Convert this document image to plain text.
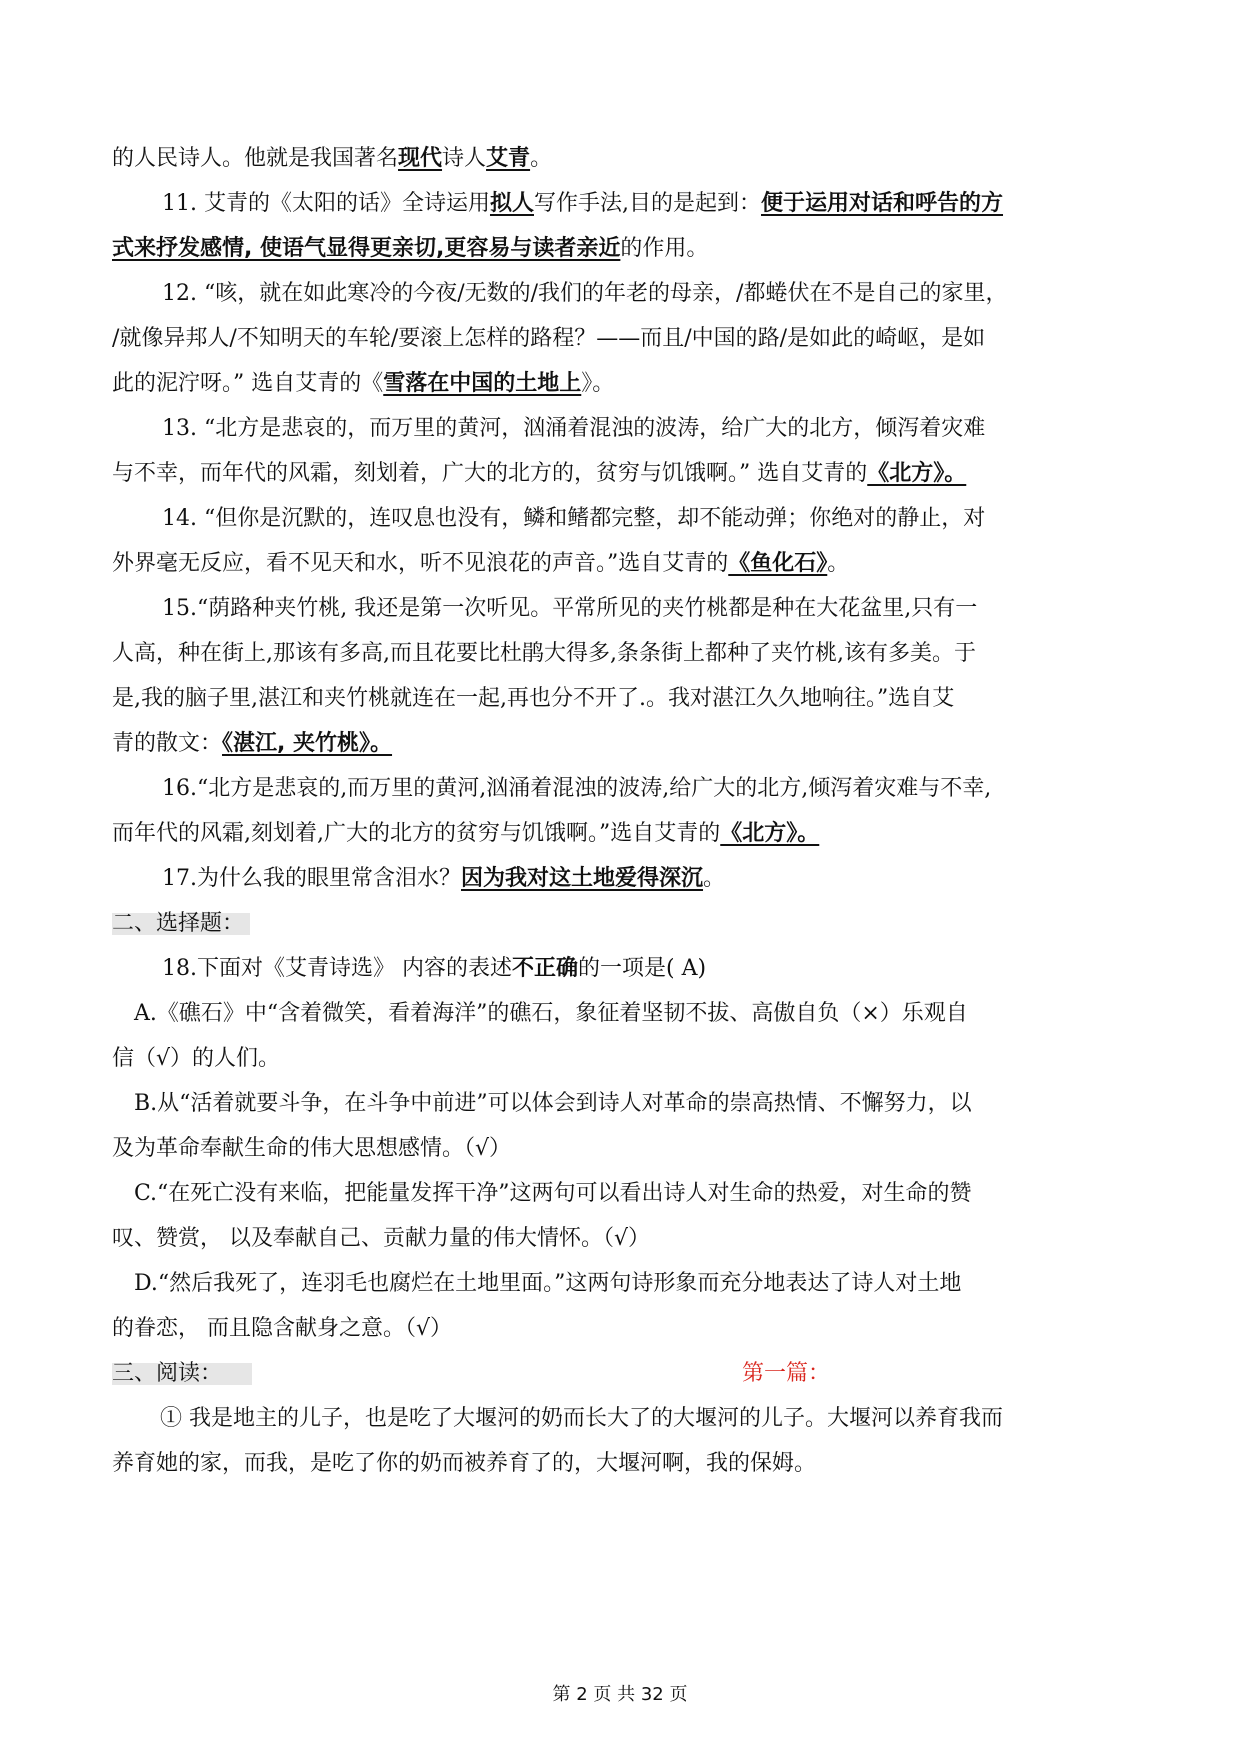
的人民诗人。他就是我国著名现代诗人艾青。
11. 艾青的《太阳的话》全诗运用拟人写作手法,目的是起到：便于运用对话和呼告的方
式来抒发感情, 使语气显得更亲切,更容易与读者亲近的作用。
12. “咳，就在如此寒冷的今夜/无数的/我们的年老的母亲，/都蜷伏在不是自己的家里，
/就像异邦人/不知明天的车轮/要滚上怎样的路程？——而且/中国的路/是如此的崎岖，是如
此的泥泞呀。” 选自艾青的《雪落在中国的土地上》。
13. “北方是悲哀的，而万里的黄河，汹涌着混浊的波涛，给广大的北方，倾泻着灾难
与不幸，而年代的风霜，刻划着，广大的北方的，贫穷与饥饿啊。” 选自艾青的《北方》。
14. “但你是沉默的，连叹息也没有，鳞和鳍都完整，却不能动弹；你绝对的静止，对
外界毫无反应，看不见天和水，听不见浪花的声音。”选自艾青的《鱼化石》。
15.“荫路种夹竹桃, 我还是第一次听见。平常所见的夹竹桃都是种在大花盆里,只有一
人高，种在街上,那该有多高,而且花要比杜鹃大得多,条条街上都种了夹竹桃,该有多美。于
是,我的脑子里,湛江和夹竹桃就连在一起,再也分不开了.。我对湛江久久地响往。”选自艾
青的散文：《湛江, 夹竹桃》。
16.“北方是悲哀的,而万里的黄河,汹涌着混浊的波涛,给广大的北方,倾泻着灾难与不幸,
而年代的风霜,刻划着,广大的北方的贫穷与饥饿啊。”选自艾青的《北方》。
17.为什么我的眼里常含泪水？因为我对这土地爱得深沉。
二、选择题：
18.下面对《艾青诗选》 内容的表述不正确的一项是( A)
A.《礁石》中“含着微笑，看着海洋”的礁石，象征着坚韧不拔、高傲自负（×）乐观自
信（√）的人们。
B.从“活着就要斗争，在斗争中前进”可以体会到诗人对革命的崇高热情、不懈努力，以
及为革命奉献生命的伟大思想感情。（√）
C.“在死亡没有来临，把能量发挥干净”这两句可以看出诗人对生命的热爱，对生命的赞
叹、赞赏， 以及奉献自己、贡献力量的伟大情怀。（√）
D.“然后我死了，连羽毛也腐烂在土地里面。”这两句诗形象而充分地表达了诗人对土地
的眷恋， 而且隐含献身之意。（√）
三、阅读：	第一篇：
① 我是地主的儿子，也是吃了大堰河的奶而长大了的大堰河的儿子。大堰河以养育我而
养育她的家，而我，是吃了你的奶而被养育了的，大堰河啊，我的保姆。
第 2 页 共 32 页
